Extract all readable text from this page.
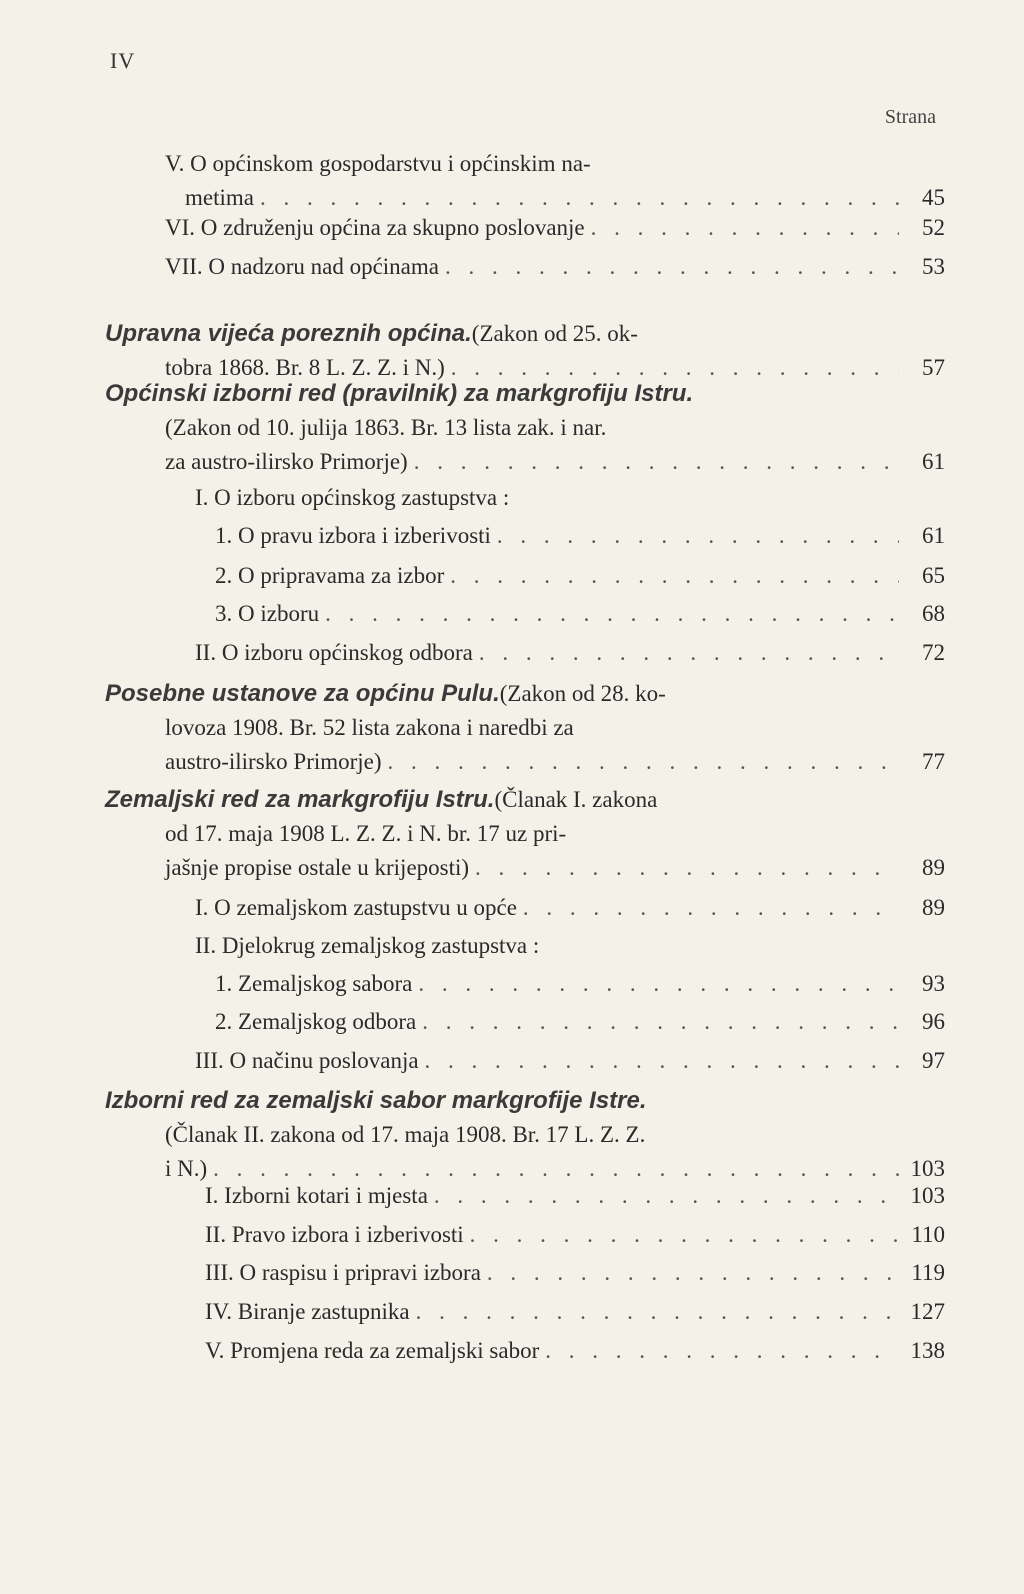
IV
Strana
V. O općinskom gospodarstvu i općinskim na-
metima . . .	45
VI. O združenju općina za skupno poslovanje . . .	52
VII. O nadzoru nad općinama . . .	53
Upravna vijeća poreznih općina. (Zakon od 25. ok-
tobra 1868. Br. 8 L. Z. Z. i N.) . . .	57
Općinski izborni red (pravilnik) za markgrofiju Istru.
(Zakon od 10. julija 1863. Br. 13 lista zak. i nar.
za austro-ilirsko Primorje) . . .	61
I. O izboru općinskog zastupstva :
1. O pravu izbora i izberivosti . . .	61
2. O pripravama za izbor . . .	65
3. O izboru . . .	68
II. O izboru općinskog odbora . . .	72
Posebne ustanove za općinu Pulu. (Zakon od 28. ko-
lovoza 1908. Br. 52 lista zakona i naredbi za
austro-ilirsko Primorje) . . .	77
Zemaljski red za markgrofiju Istru. (Članak I. zakona
od 17. maja 1908 L. Z. Z. i N. br. 17 uz pri-
jašnje propise ostale u krijeposti) . . .	89
I. O zemaljskom zastupstvu u opće . . .	89
II. Djelokrug zemaljskog zastupstva :
1. Zemaljskog sabora . . .	93
2. Zemaljskog odbora . . .	96
III. O načinu poslovanja . . .	97
Izborni red za zemaljski sabor markgrofije Istre.
(Članak II. zakona od 17. maja 1908. Br. 17 L. Z. Z.
i N.) . . .	103
I. Izborni kotari i mjesta . . .	103
II. Pravo izbora i izberivosti . . .	110
III. O raspisu i pripravi izbora . . .	119
IV. Biranje zastupnika . . .	127
V. Promjena reda za zemaljski sabor . . .	138
